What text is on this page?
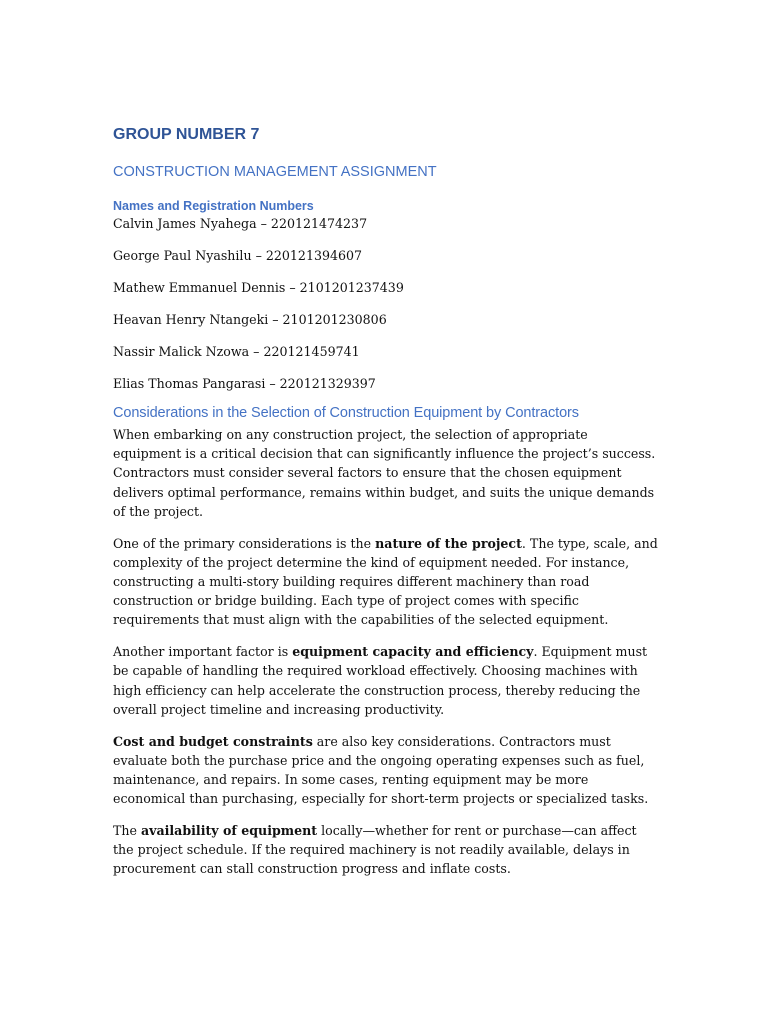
GROUP NUMBER 7
CONSTRUCTION MANAGEMENT ASSIGNMENT
Names and Registration Numbers

Calvin James Nyahega – 220121474237

George Paul Nyashilu – 220121394607

Mathew Emmanuel Dennis – 2101201237439

Heavan Henry Ntangeki – 2101201230806

Nassir Malick Nzowa – 220121459741

Elias Thomas Pangarasi – 220121329397

Considerations in the Selection of Construction Equipment by Contractors

When embarking on any construction project, the selection of appropriate equipment is a critical decision that can significantly influence the project’s success. Contractors must consider several factors to ensure that the chosen equipment delivers optimal performance, remains within budget, and suits the unique demands of the project.

One of the primary considerations is the nature of the project. The type, scale, and complexity of the project determine the kind of equipment needed. For instance, constructing a multi-story building requires different machinery than road construction or bridge building. Each type of project comes with specific requirements that must align with the capabilities of the selected equipment.

Another important factor is equipment capacity and efficiency. Equipment must be capable of handling the required workload effectively. Choosing machines with high efficiency can help accelerate the construction process, thereby reducing the overall project timeline and increasing productivity.

Cost and budget constraints are also key considerations. Contractors must evaluate both the purchase price and the ongoing operating expenses such as fuel, maintenance, and repairs. In some cases, renting equipment may be more economical than purchasing, especially for short-term projects or specialized tasks.

The availability of equipment locally—whether for rent or purchase—can affect the project schedule. If the required machinery is not readily available, delays in procurement can stall construction progress and inflate costs.
